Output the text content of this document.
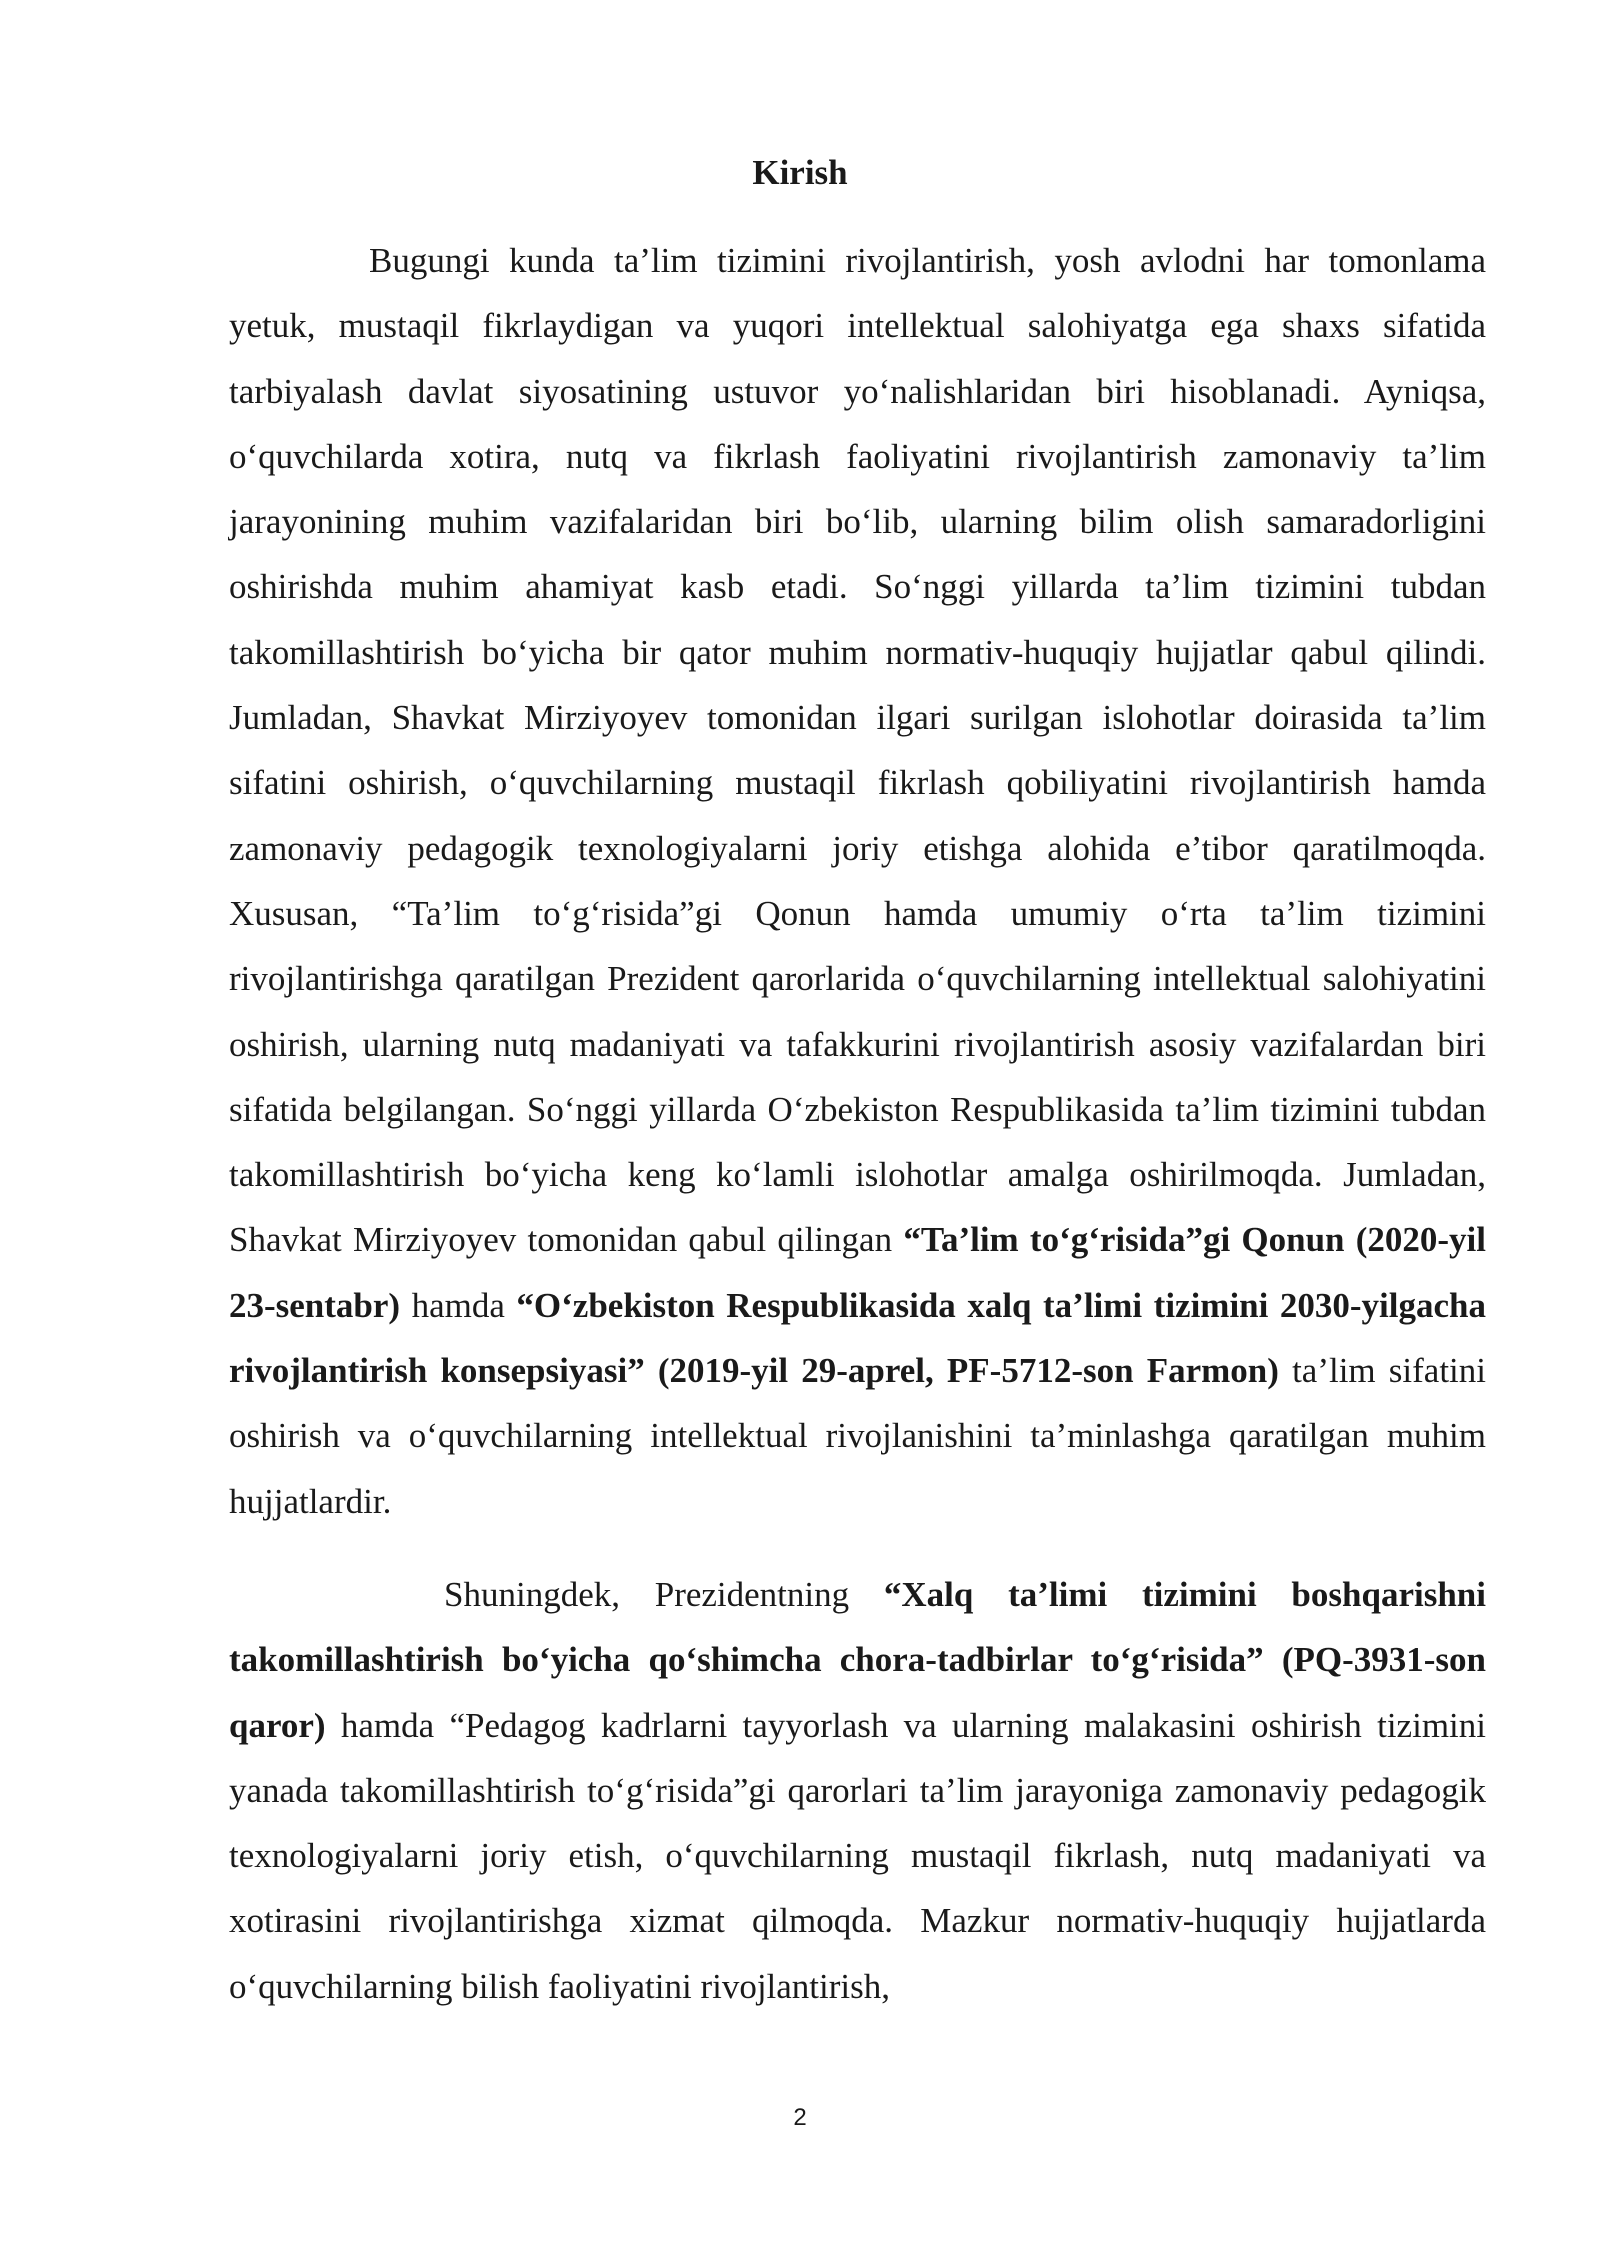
Kirish

Bugungi kunda ta’lim tizimini rivojlantirish, yosh avlodni har tomonlama yetuk, mustaqil fikrlaydigan va yuqori intellektual salohiyatga ega shaxs sifatida tarbiyalash davlat siyosatining ustuvor yo‘nalishlaridan biri hisoblanadi. Ayniqsa, o‘quvchilarda xotira, nutq va fikrlash faoliyatini rivojlantirish zamonaviy ta’lim jarayonining muhim vazifalaridan biri bo‘lib, ularning bilim olish samaradorligini oshirishda muhim ahamiyat kasb etadi. So‘nggi yillarda ta’lim tizimini tubdan takomillashtirish bo‘yicha bir qator muhim normativ-huquqiy hujjatlar qabul qilindi. Jumladan, Shavkat Mirziyoyev tomonidan ilgari surilgan islohotlar doirasida ta’lim sifatini oshirish, o‘quvchilarning mustaqil fikrlash qobiliyatini rivojlantirish hamda zamonaviy pedagogik texnologiyalarni joriy etishga alohida e’tibor qaratilmoqda. Xususan, “Ta’lim to‘g‘risida”gi Qonun hamda umumiy o‘rta ta’lim tizimini rivojlantirishga qaratilgan Prezident qarorlarida o‘quvchilarning intellektual salohiyatini oshirish, ularning nutq madaniyati va tafakkurini rivojlantirish asosiy vazifalardan biri sifatida belgilangan. So‘nggi yillarda O‘zbekiston Respublikasida ta’lim tizimini tubdan takomillashtirish bo‘yicha keng ko‘lamli islohotlar amalga oshirilmoqda. Jumladan, Shavkat Mirziyoyev tomonidan qabul qilingan “Ta’lim to‘g‘risida”gi Qonun (2020-yil 23-sentabr) hamda “O‘zbekiston Respublikasida xalq ta’limi tizimini 2030-yilgacha rivojlantirish konsepsiyasi” (2019-yil 29-aprel, PF-5712-son Farmon) ta’lim sifatini oshirish va o‘quvchilarning intellektual rivojlanishini ta’minlashga qaratilgan muhim hujjatlardir.

Shuningdek, Prezidentning “Xalq ta’limi tizimini boshqarishni takomillashtirish bo‘yicha qo‘shimcha chora-tadbirlar to‘g‘risida” (PQ-3931-son qaror) hamda “Pedagog kadrlarni tayyorlash va ularning malakasini oshirish tizimini yanada takomillashtirish to‘g‘risida”gi qarorlari ta’lim jarayoniga zamonaviy pedagogik texnologiyalarni joriy etish, o‘quvchilarning mustaqil fikrlash, nutq madaniyati va xotirasini rivojlantirishga xizmat qilmoqda. Mazkur normativ-huquqiy hujjatlarda o‘quvchilarning bilish faoliyatini rivojlantirish,

2
